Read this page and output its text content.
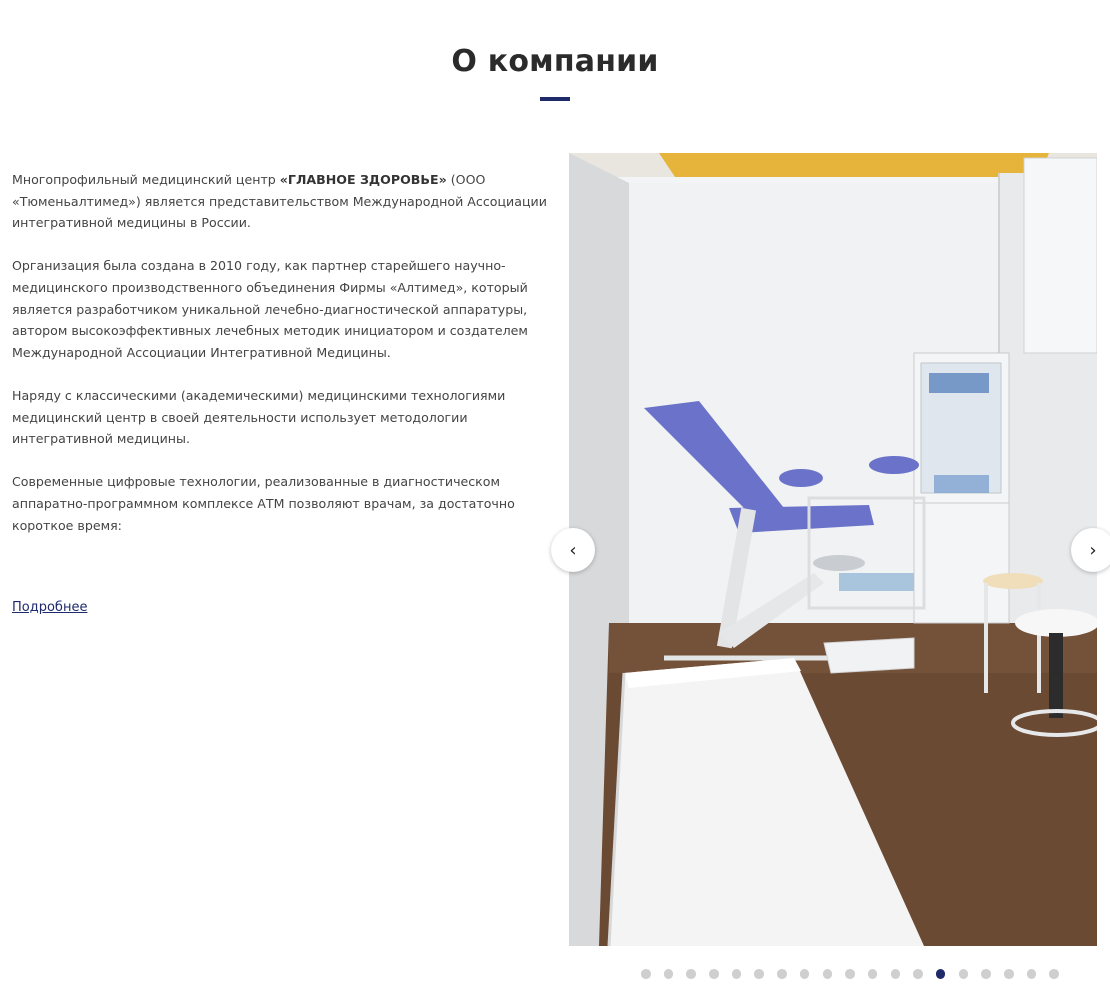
О компании

Многопрофильный медицинский центр «ГЛАВНОЕ ЗДОРОВЬЕ» (ООО «Тюменьалтимед») является представительством Международной Ассоциации интегративной медицины в России.

Организация была создана в 2010 году, как партнер старейшего научно-медицинского производственного объединения Фирмы «Алтимед», который является разработчиком уникальной лечебно-диагностической аппаратуры, автором высокоэффективных лечебных методик инициатором и создателем Международной Ассоциации Интегративной Медицины.

Наряду с классическими (академическими) медицинскими технологиями медицинский центр в своей деятельности использует методологии интегративной медицины.

Современные цифровые технологии, реализованные в диагностическом аппаратно-программном комплексе АТМ позволяют врачам, за достаточно короткое время:

Подробнее
‹	›
